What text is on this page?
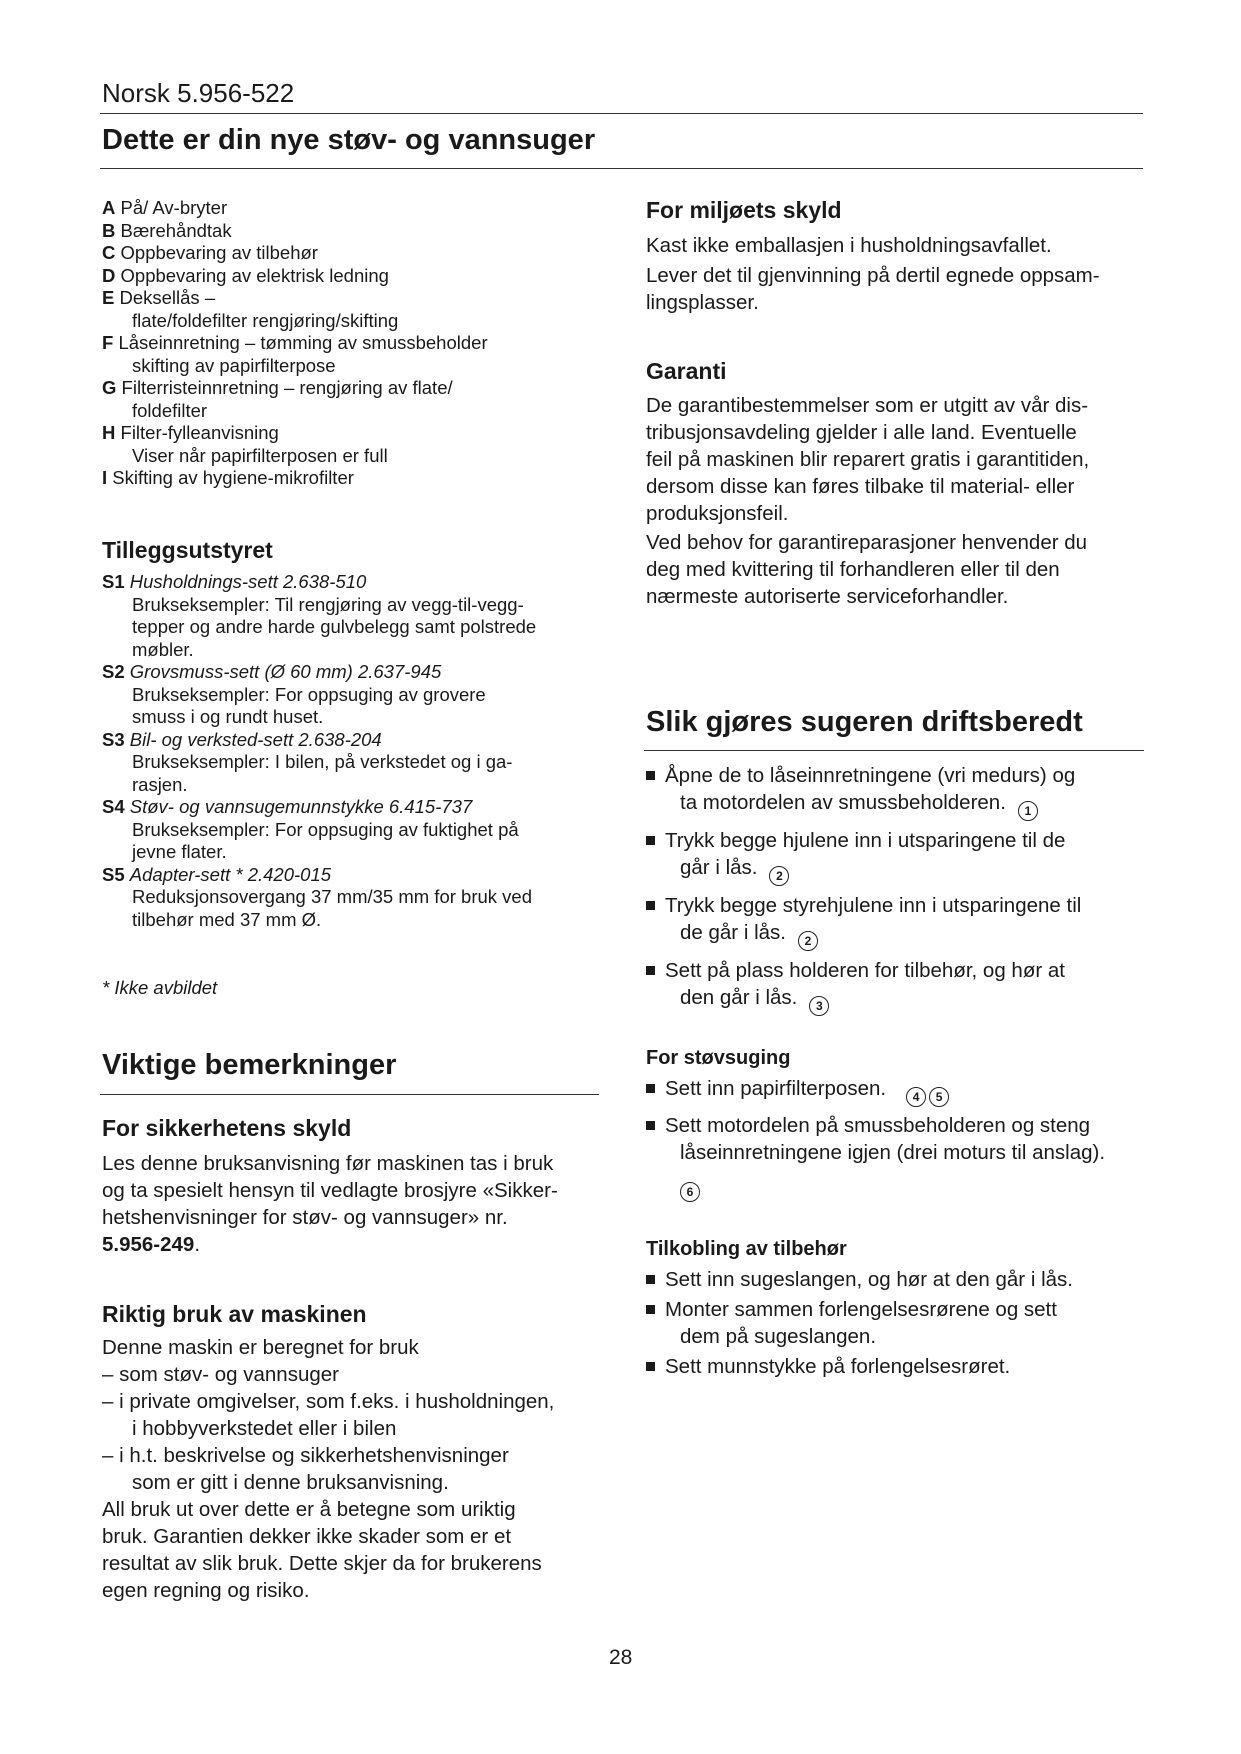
Norsk 5.956-522
Dette er din nye støv- og vannsuger
A På/ Av-bryter
B Bærehåndtak
C Oppbevaring av tilbehør
D Oppbevaring av elektrisk ledning
E Deksellås –
flate/foldefilter rengjøring/skifting
F Låseinnretning – tømming av smussbeholder
skifting av papirfilterpose
G Filterristeinnretning – rengjøring av flate/
foldefilter
H Filter-fylleanvisning
Viser når papirfilterposen er full
I Skifting av hygiene-mikrofilter
Tilleggsutstyret
S1 Husholdnings-sett 2.638-510
Brukseksempler: Til rengjøring av vegg-til-vegg-
tepper og andre harde gulvbelegg samt polstrede
møbler.
S2 Grovsmuss-sett (Ø 60 mm) 2.637-945
Brukseksempler: For oppsuging av grovere
smuss i og rundt huset.
S3 Bil- og verksted-sett 2.638-204
Brukseksempler: I bilen, på verkstedet og i ga-
rasjen.
S4 Støv- og vannsugemunnstykke 6.415-737
Brukseksempler: For oppsuging av fuktighet på
jevne flater.
S5 Adapter-sett * 2.420-015
Reduksjonsovergang 37 mm/35 mm for bruk ved
tilbehør med 37 mm Ø.
* Ikke avbildet
Viktige bemerkninger
For sikkerhetens skyld

Les denne bruksanvisning før maskinen tas i bruk

og ta spesielt hensyn til vedlagte brosjyre «Sikker-

hetshenvisninger for støv- og vannsuger» nr.

5.956-249.

Riktig bruk av maskinen

Denne maskin er beregnet for bruk

– som støv- og vannsuger
– i private omgivelser, som f.eks. i husholdningen,
i hobbyverkstedet eller i bilen
– i h.t. beskrivelse og sikkerhetshenvisninger
som er gitt i denne bruksanvisning.

All bruk ut over dette er å betegne som uriktig

bruk. Garantien dekker ikke skader som er et

resultat av slik bruk. Dette skjer da for brukerens

egen regning og risiko.

For miljøets skyld

Kast ikke emballasjen i husholdningsavfallet.

Lever det til gjenvinning på dertil egnede oppsam-

lingsplasser.

Garanti

De garantibestemmelser som er utgitt av vår dis-

tribusjonsavdeling gjelder i alle land. Eventuelle

feil på maskinen blir reparert gratis i garantitiden,

dersom disse kan føres tilbake til material- eller

produksjonsfeil.

Ved behov for garantireparasjoner henvender du

deg med kvittering til forhandleren eller til den

nærmeste autoriserte serviceforhandler.

Slik gjøres sugeren driftsberedt
Åpne de to låseinnretningene (vri medurs) og
ta motordelen av smussbeholderen. 1
Trykk begge hjulene inn i utsparingene til de
går i lås. 2
Trykk begge styrehjulene inn i utsparingene til
de går i lås. 2
Sett på plass holderen for tilbehør, og hør at
den går i lås. 3
For støvsuging
Sett inn papirfilterposen. 4 5
Sett motordelen på smussbeholderen og steng
låseinnretningene igjen (drei moturs til anslag).
6
Tilkobling av tilbehør
Sett inn sugeslangen, og hør at den går i lås.
Monter sammen forlengelsesrørene og sett
dem på sugeslangen.
Sett munnstykke på forlengelsesrøret.
28
